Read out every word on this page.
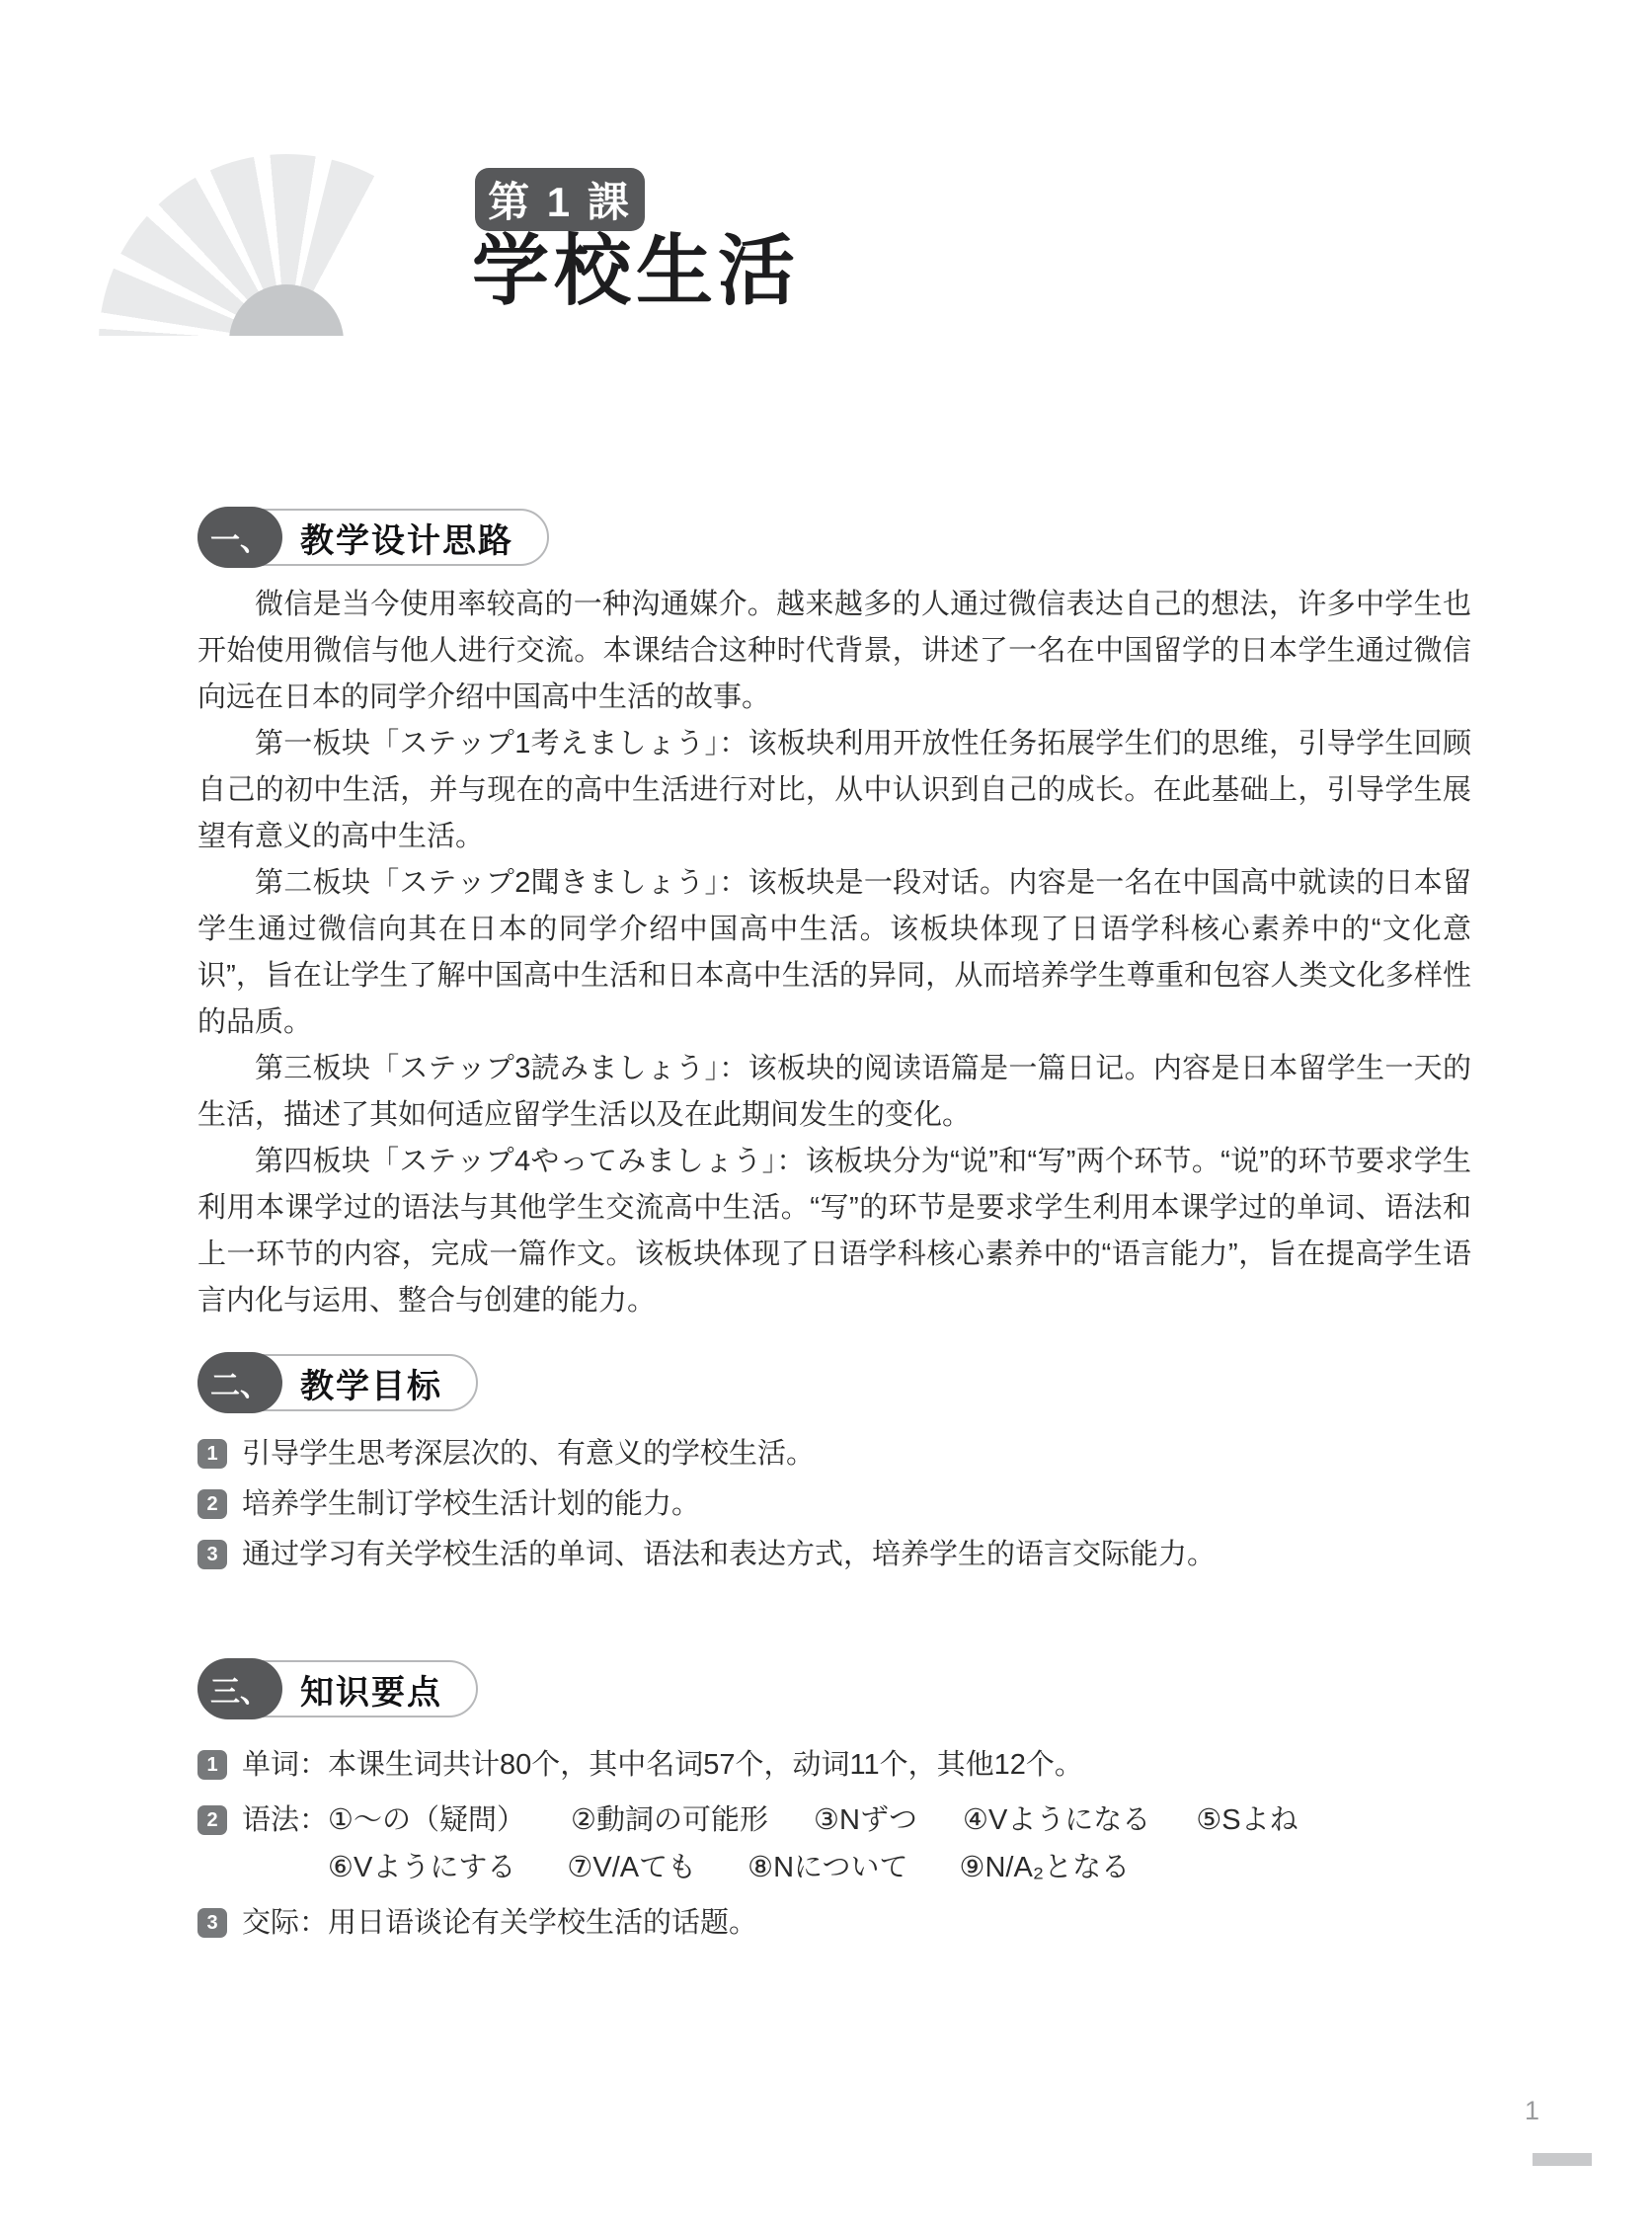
第 1 課
学校生活
一、 教学设计思路

微信是当今使用率较高的一种沟通媒介。越来越多的人通过微信表达自己的想法，许多中学生也开始使用微信与他人进行交流。本课结合这种时代背景，讲述了一名在中国留学的日本学生通过微信向远在日本的同学介绍中国高中生活的故事。

第一板块「ステップ1考えましょう」：该板块利用开放性任务拓展学生们的思维，引导学生回顾自己的初中生活，并与现在的高中生活进行对比，从中认识到自己的成长。在此基础上，引导学生展望有意义的高中生活。

第二板块「ステップ2聞きましょう」：该板块是一段对话。内容是一名在中国高中就读的日本留学生通过微信向其在日本的同学介绍中国高中生活。该板块体现了日语学科核心素养中的“文化意识”，旨在让学生了解中国高中生活和日本高中生活的异同，从而培养学生尊重和包容人类文化多样性的品质。

第三板块「ステップ3読みましょう」：该板块的阅读语篇是一篇日记。内容是日本留学生一天的生活，描述了其如何适应留学生活以及在此期间发生的变化。

第四板块「ステップ4やってみましょう」：该板块分为“说”和“写”两个环节。“说”的环节要求学生利用本课学过的语法与其他学生交流高中生活。“写”的环节是要求学生利用本课学过的单词、语法和上一环节的内容，完成一篇作文。该板块体现了日语学科核心素养中的“语言能力”，旨在提高学生语言内化与运用、整合与创建的能力。

二、 教学目标
1 引导学生思考深层次的、有意义的学校生活。
2 培养学生制订学校生活计划的能力。
3 通过学习有关学校生活的单词、语法和表达方式，培养学生的语言交际能力。
三、 知识要点
1 单词： 本课生词共计80个，其中名词57个，动词11个，其他12个。
2 语法： ①～の（疑問） ②動詞の可能形 ③Nずつ ④Vようになる ⑤Sよね
⑥Vようにする ⑦V/Aても ⑧Nについて ⑨N/A₂となる
3 交际： 用日语谈论有关学校生活的话题。
1
